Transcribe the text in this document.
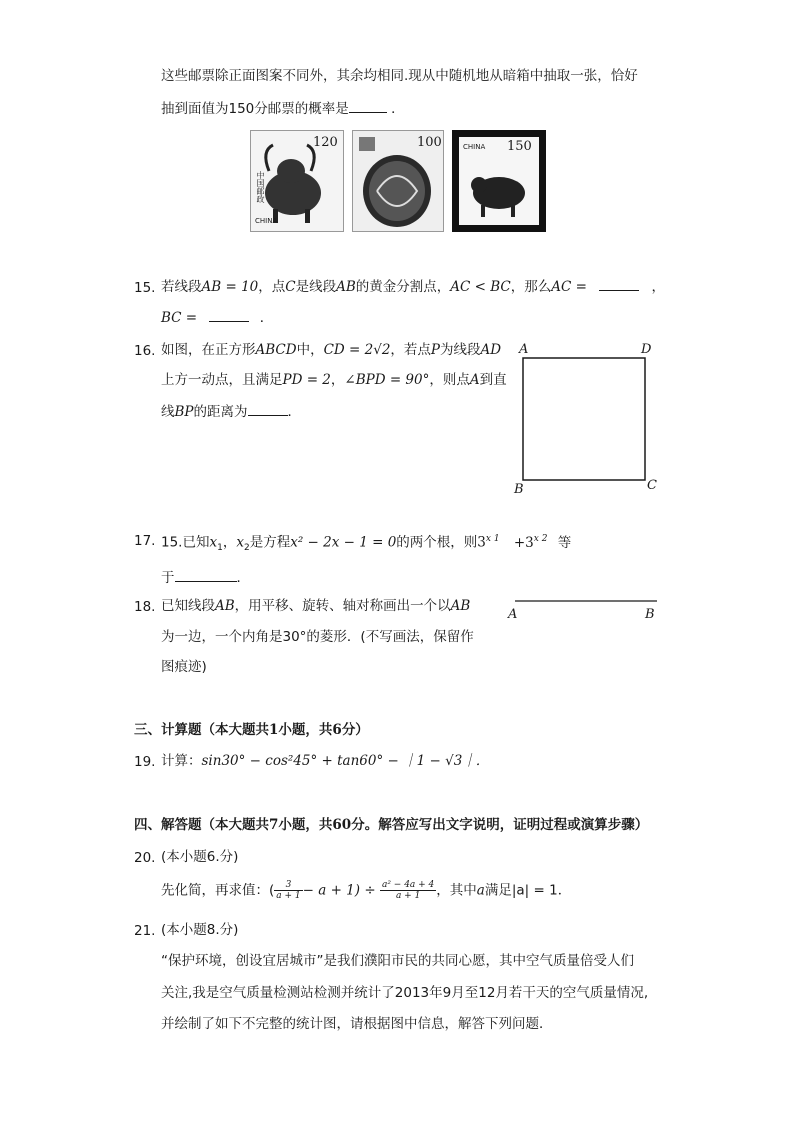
这些邮票除正面图案不同外，其余均相同.现从中随机地从暗箱中抽取一张，恰好
抽到面值为150分邮票的概率是	．
120
中国邮政
CHINA
100	150
CHINA
15. 若线段AB = 10，点C是线段AB的黄金分割点，AC < BC，那么AC =	，
BC =	．
16. 如图，在正方形ABCD中，CD = 2√2，若点P为线段AD
上方一动点，且满足PD = 2，∠BPD = 90°，则点A到直
线BP的距离为	．
A	D
B	C
17. 15.已知$x_1$，$x_2$是方程x² − 2x − 1 = 0的两个根，则$3^{x 1} +3^{x 2}$ 等
于	．
18. 已知线段AB，用平移、旋转、轴对称画出一个以AB
为一边，一个内角是30°的菱形．(不写画法，保留作
图痕迹)
A	B
三、计算题（本大题共1小题，共6分）
19. 计算：sin30° − cos²45° + tan60° − ｜1 − √3｜．
四、解答题（本大题共7小题，共60分。解答应写出文字说明，证明过程或演算步骤）
20. (本小题6.分)
先化简，再求值：( $\frac{3}{a + 1} - a + 1) \div \frac{\text{a² − 4a + 4}}{a + 1}$ ，其中a满足|a| = 1．
21. (本小题8.分)
“保护环境，创设宜居城市”是我们濮阳市民的共同心愿，其中空气质量倍受人们
关注,我是空气质量检测站检测并统计了2013年9月至12月若干天的空气质量情况,
并绘制了如下不完整的统计图，请根据图中信息，解答下列问题．
